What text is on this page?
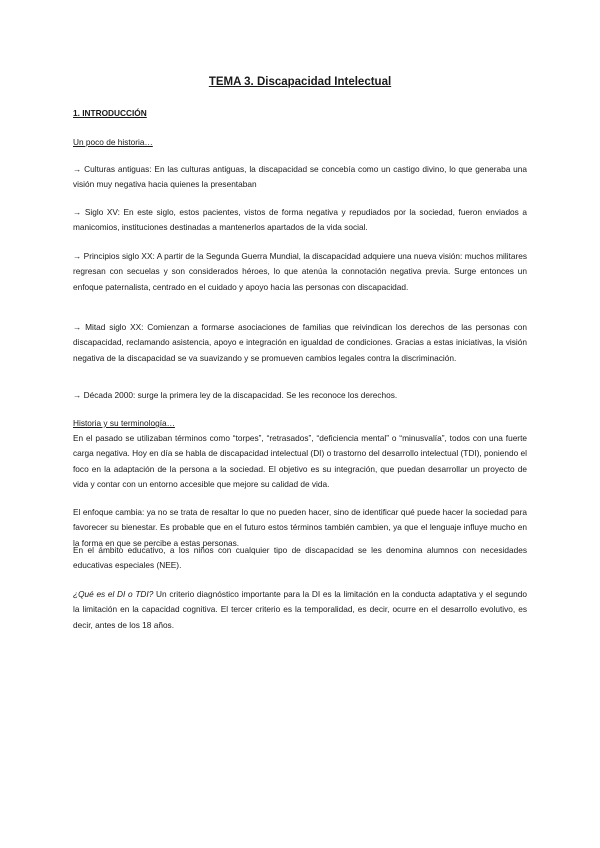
TEMA 3. Discapacidad Intelectual
1. INTRODUCCIÓN
Un poco de historia…
→ Culturas antiguas: En las culturas antiguas, la discapacidad se concebía como un castigo divino, lo que generaba una visión muy negativa hacia quienes la presentaban
→ Siglo XV: En este siglo, estos pacientes, vistos de forma negativa y repudiados por la sociedad, fueron enviados a manicomios, instituciones destinadas a mantenerlos apartados de la vida social.
→ Principios siglo XX: A partir de la Segunda Guerra Mundial, la discapacidad adquiere una nueva visión: muchos militares regresan con secuelas y son considerados héroes, lo que atenúa la connotación negativa previa. Surge entonces un enfoque paternalista, centrado en el cuidado y apoyo hacia las personas con discapacidad.
→ Mitad siglo XX: Comienzan a formarse asociaciones de familias que reivindican los derechos de las personas con discapacidad, reclamando asistencia, apoyo e integración en igualdad de condiciones. Gracias a estas iniciativas, la visión negativa de la discapacidad se va suavizando y se promueven cambios legales contra la discriminación.
→ Década 2000: surge la primera ley de la discapacidad. Se les reconoce los derechos.
Historia y su terminología…
En el pasado se utilizaban términos como “torpes”, “retrasados”, “deficiencia mental” o “minusvalía”, todos con una fuerte carga negativa. Hoy en día se habla de discapacidad intelectual (DI) o trastorno del desarrollo intelectual (TDI), poniendo el foco en la adaptación de la persona a la sociedad. El objetivo es su integración, que puedan desarrollar un proyecto de vida y contar con un entorno accesible que mejore su calidad de vida.
El enfoque cambia: ya no se trata de resaltar lo que no pueden hacer, sino de identificar qué puede hacer la sociedad para favorecer su bienestar. Es probable que en el futuro estos términos también cambien, ya que el lenguaje influye mucho en la forma en que se percibe a estas personas.
En el ámbito educativo, a los niños con cualquier tipo de discapacidad se les denomina alumnos con necesidades educativas especiales (NEE).
¿Qué es el DI o TDI? Un criterio diagnóstico importante para la DI es la limitación en la conducta adaptativa y el segundo la limitación en la capacidad cognitiva. El tercer criterio es la temporalidad, es decir, ocurre en el desarrollo evolutivo, es decir, antes de los 18 años.
